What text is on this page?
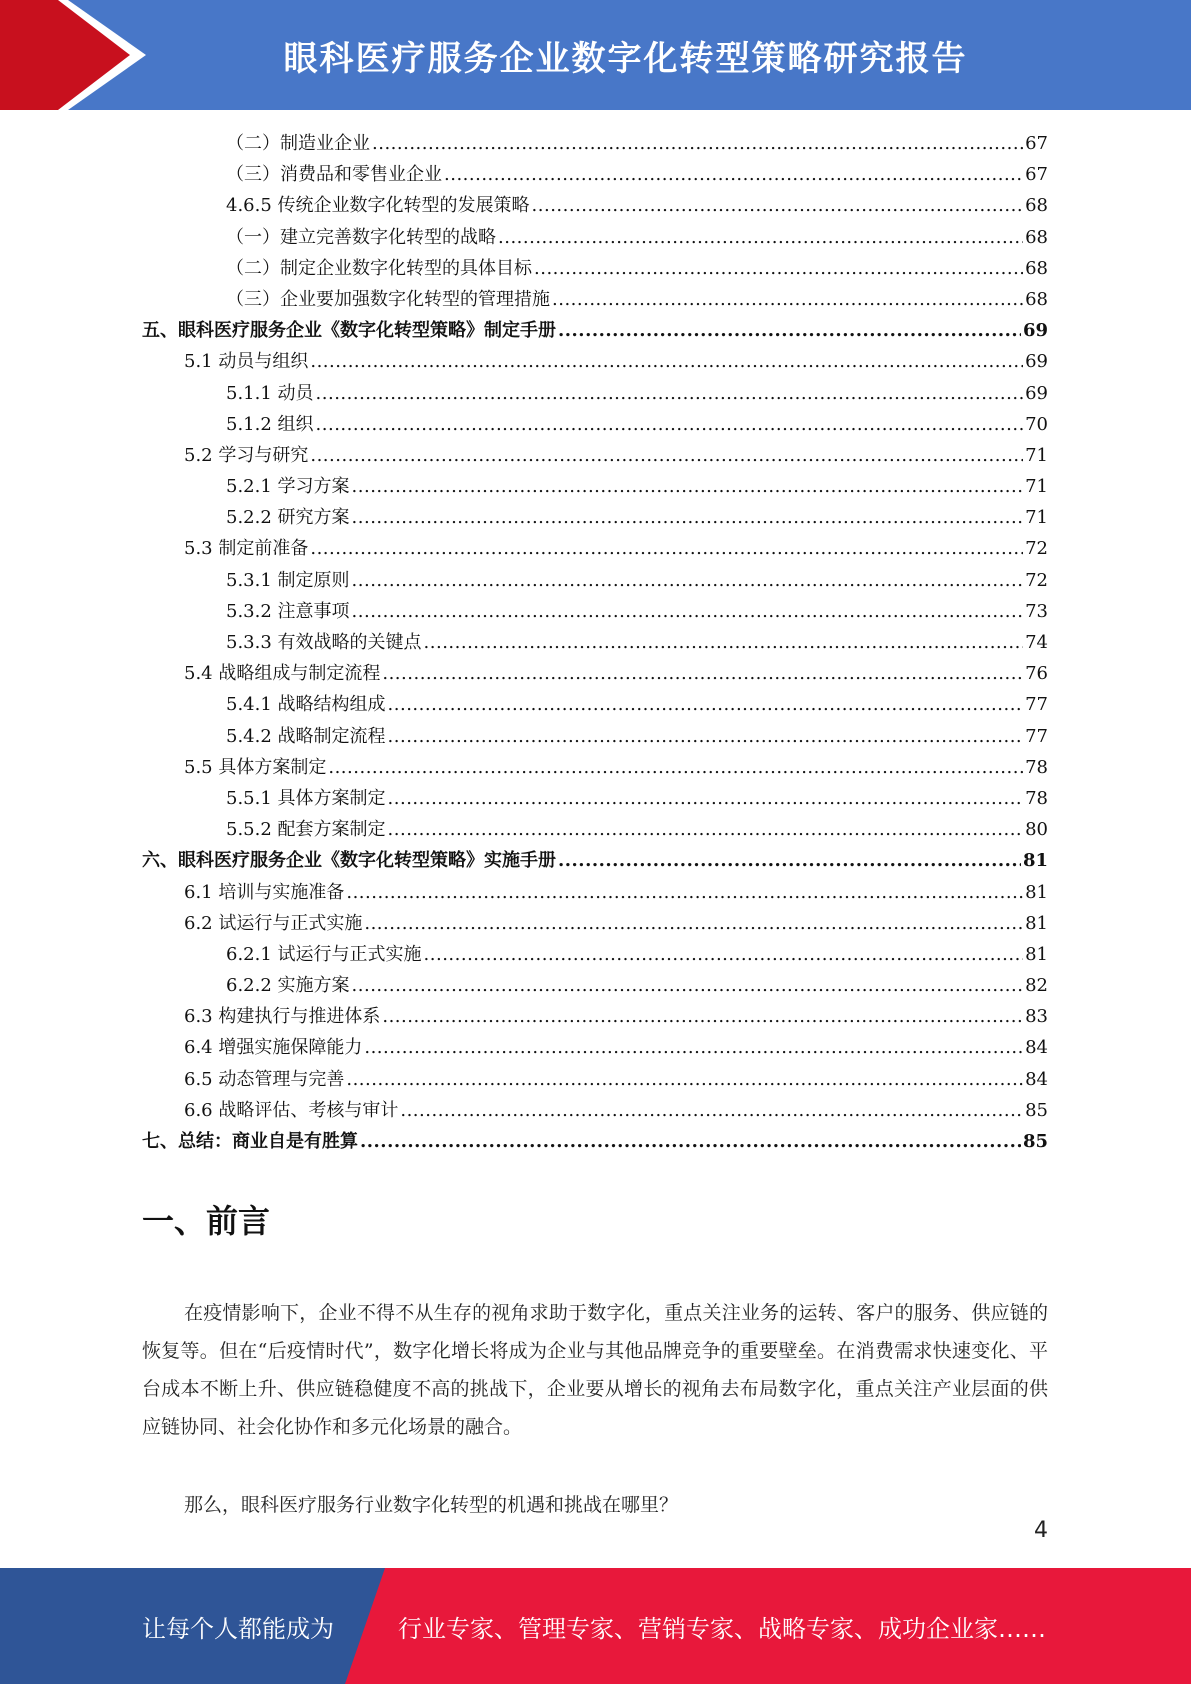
眼科医疗服务企业数字化转型策略研究报告
（二）制造业企业 .....	67
（三）消费品和零售业企业 .....	67
4.6.5 传统企业数字化转型的发展策略 .....	68
（一）建立完善数字化转型的战略 .....	68
（二）制定企业数字化转型的具体目标 .....	68
（三）企业要加强数字化转型的管理措施 .....	68
五、眼科医疗服务企业《数字化转型策略》制定手册 .....	69
5.1 动员与组织 .....	69
5.1.1 动员 .....	69
5.1.2 组织 .....	70
5.2 学习与研究 .....	71
5.2.1 学习方案 .....	71
5.2.2 研究方案 .....	71
5.3 制定前准备 .....	72
5.3.1 制定原则 .....	72
5.3.2 注意事项 .....	73
5.3.3 有效战略的关键点 .....	74
5.4 战略组成与制定流程 .....	76
5.4.1 战略结构组成 .....	77
5.4.2 战略制定流程 .....	77
5.5 具体方案制定 .....	78
5.5.1 具体方案制定 .....	78
5.5.2 配套方案制定 .....	80
六、眼科医疗服务企业《数字化转型策略》实施手册 .....	81
6.1 培训与实施准备 .....	81
6.2 试运行与正式实施 .....	81
6.2.1 试运行与正式实施 .....	81
6.2.2 实施方案 .....	82
6.3 构建执行与推进体系 .....	83
6.4 增强实施保障能力 .....	84
6.5 动态管理与完善 .....	84
6.6 战略评估、考核与审计 .....	85
七、总结：商业自是有胜算 .....	85
一、前言
在疫情影响下，企业不得不从生存的视角求助于数字化，重点关注业务的运转、客户的服务、供应链的恢复等。但在“后疫情时代”，数字化增长将成为企业与其他品牌竞争的重要壁垒。在消费需求快速变化、平台成本不断上升、供应链稳健度不高的挑战下，企业要从增长的视角去布局数字化，重点关注产业层面的供应链协同、社会化协作和多元化场景的融合。
那么，眼科医疗服务行业数字化转型的机遇和挑战在哪里？
4
让每个人都能成为	行业专家、管理专家、营销专家、战略专家、成功企业家……
